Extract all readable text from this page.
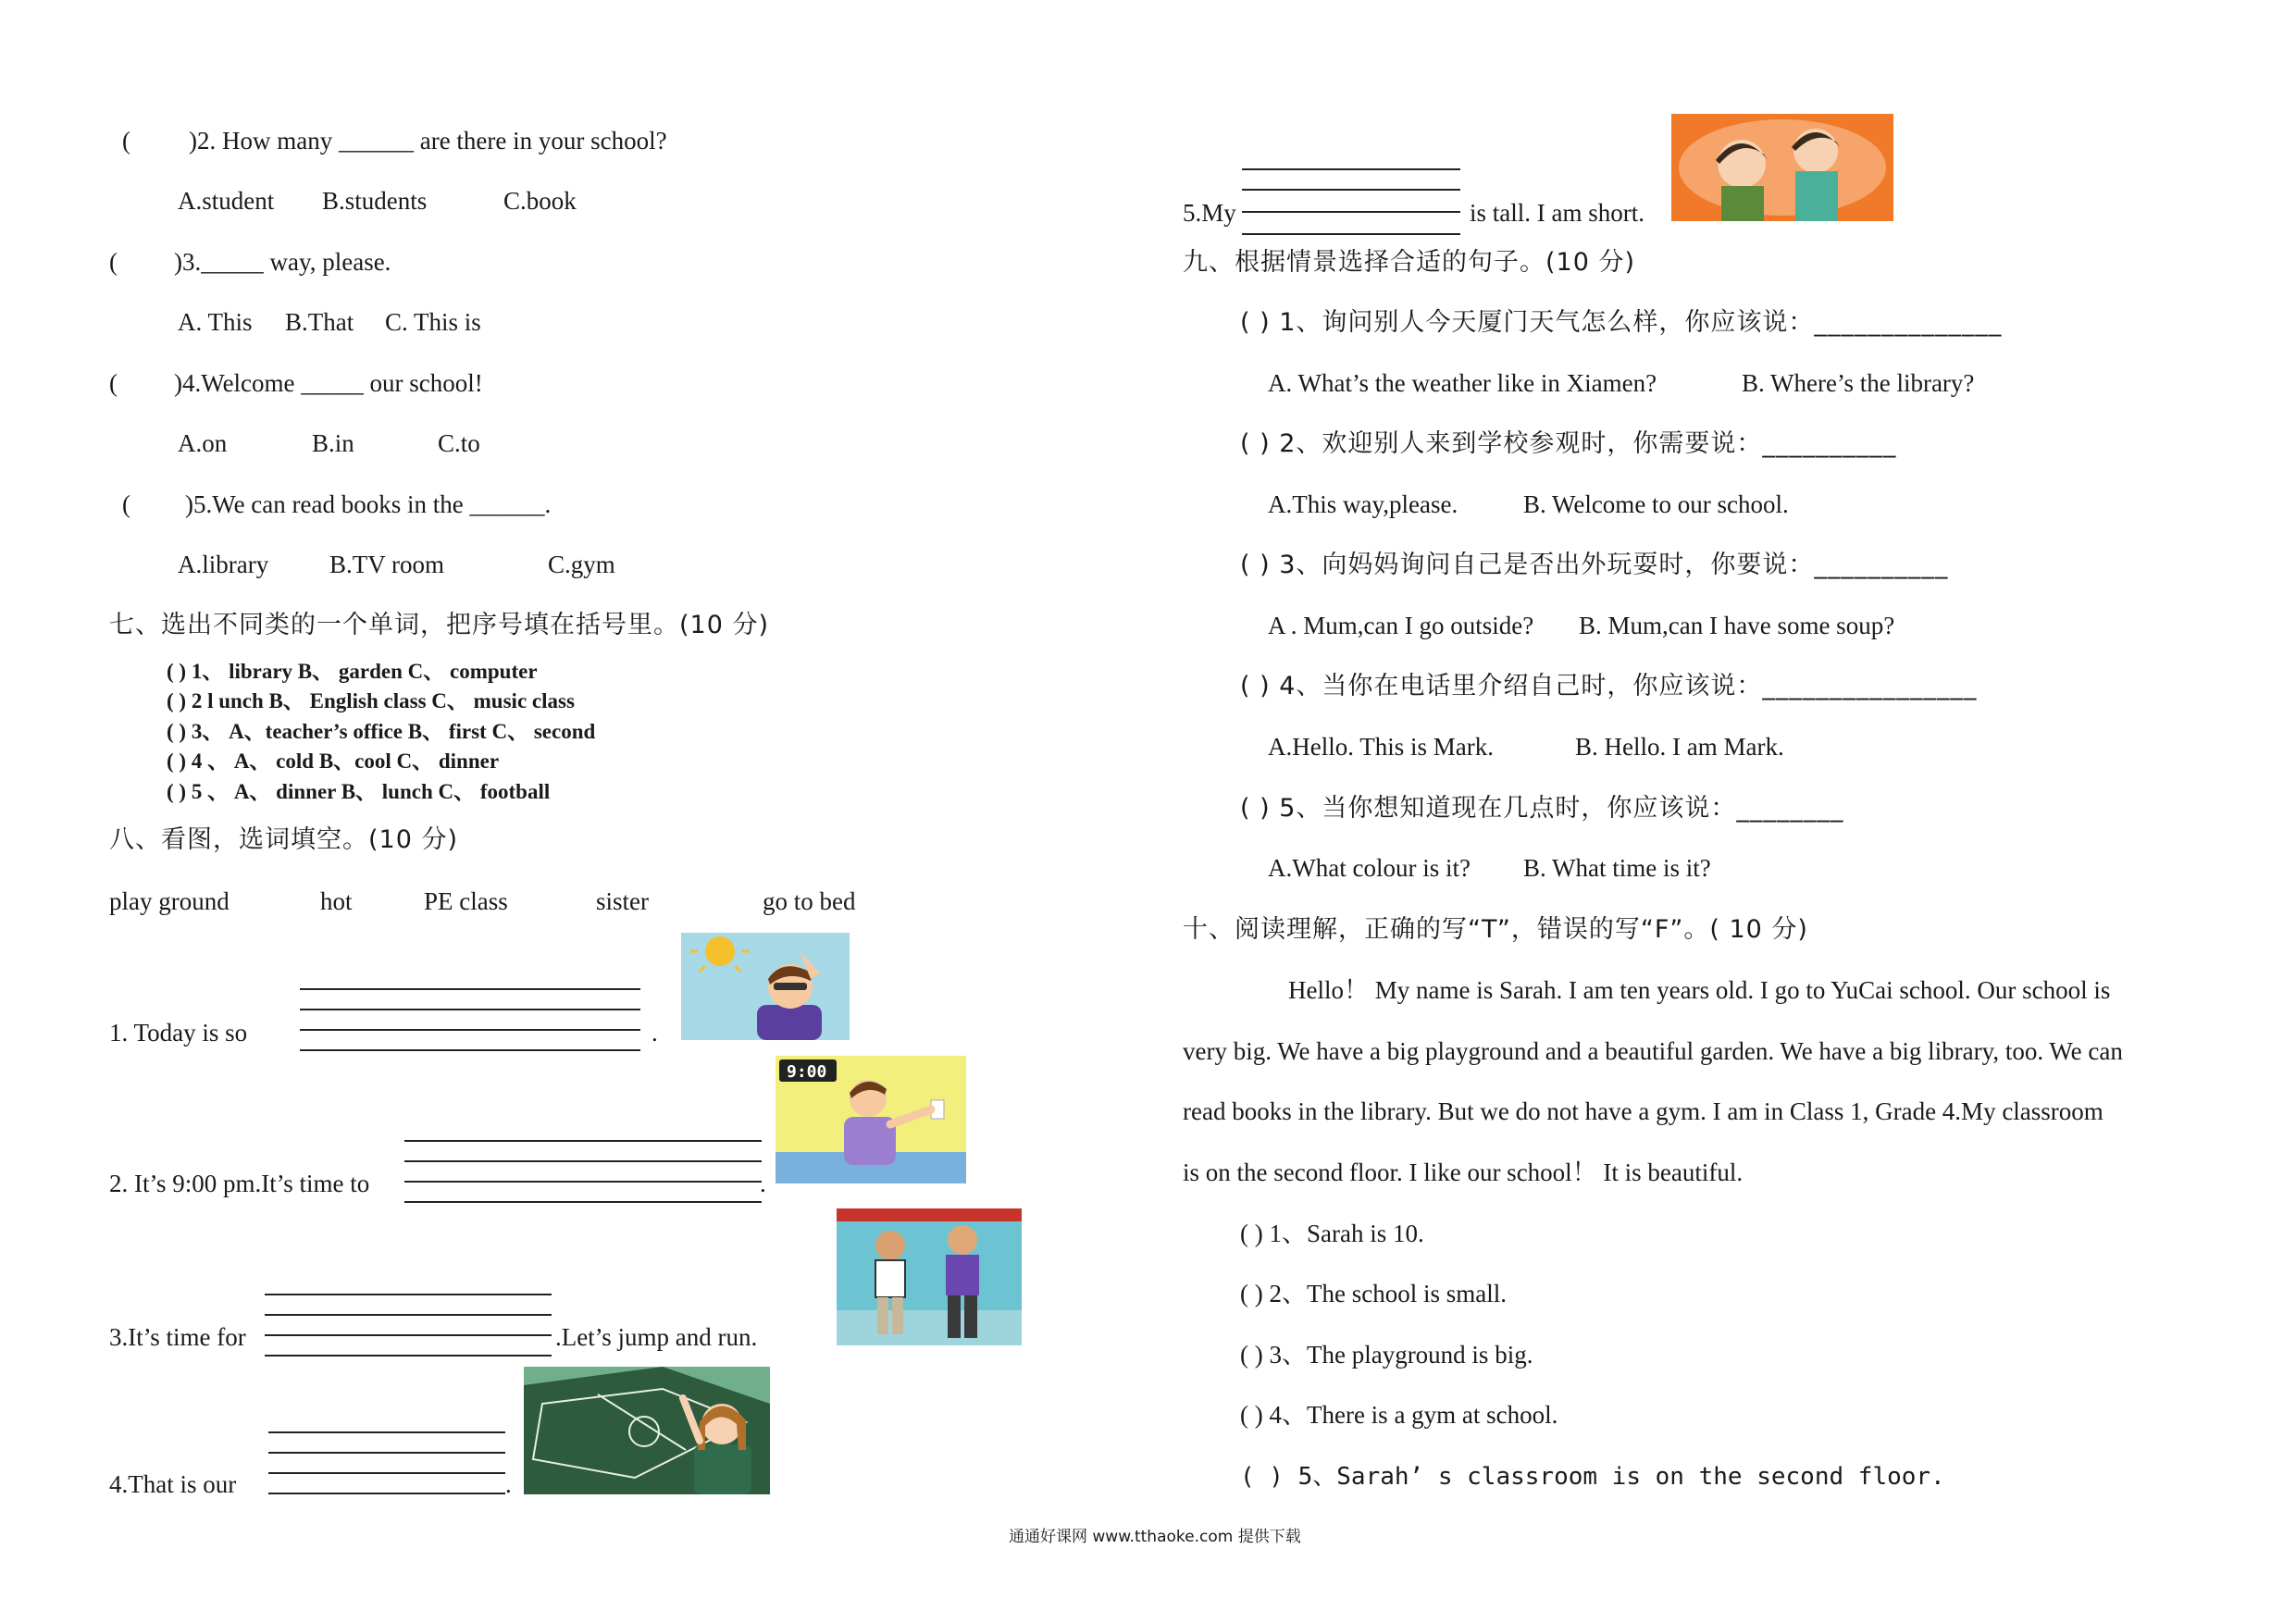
( )2. How many ______ are there in your school?
A.student B.students	C.book
( )3._____ way, please.
A. This B.That C. This is
( )4.Welcome _____ our school!
A.on	B.in	C.to
( )5.We can read books in the ______.
A.library B.TV room	C.gym
七、选出不同类的一个单词，把序号填在括号里。(10 分)
( ) 1、 library B、 garden C、 computer
( ) 2 l unch B、 English class C、 music class
( ) 3、 A、teacher’s office B、 first C、 second
( ) 4 、 A、 cold B、cool C、 dinner
( ) 5 、 A、 dinner B、 lunch C、 football
八、看图，选词填空。(10 分)
play ground	hot	PE class	sister	go to bed
1. Today is so	.
2. It’s 9:00 pm.It’s time to	.
9:00
3.It’s time for	.Let’s jump and run.
4.That is our	.
5.My	is tall. I am short.
九、根据情景选择合适的句子。(10 分)
( ) 1、询问别人今天厦门天气怎么样，你应该说：______________
A. What’s the weather like in Xiamen?	B. Where’s the library?
( ) 2、欢迎别人来到学校参观时，你需要说：__________
A.This way,please.	B. Welcome to our school.
( ) 3、向妈妈询问自己是否出外玩耍时，你要说：__________
A . Mum,can I go outside? B. Mum,can I have some soup?
( ) 4、当你在电话里介绍自己时，你应该说：________________
A.Hello. This is Mark.	B. Hello. I am Mark.
( ) 5、当你想知道现在几点时，你应该说：________
A.What colour is it? B. What time is it?
十、阅读理解，正确的写“T”，错误的写“F”。( 10 分)
Hello！ My name is Sarah. I am ten years old. I go to YuCai school. Our school is
very big. We have a big playground and a beautiful garden. We have a big library, too. We can
read books in the library. But we do not have a gym. I am in Class 1, Grade 4.My classroom
is on the second floor. I like our school！ It is beautiful.
( ) 1、Sarah is 10.
( ) 2、The school is small.
( ) 3、The playground is big.
( ) 4、There is a gym at school.
( ) 5、Sarah’ s classroom is on the second floor.
通通好课网 www.tthaoke.com 提供下载
